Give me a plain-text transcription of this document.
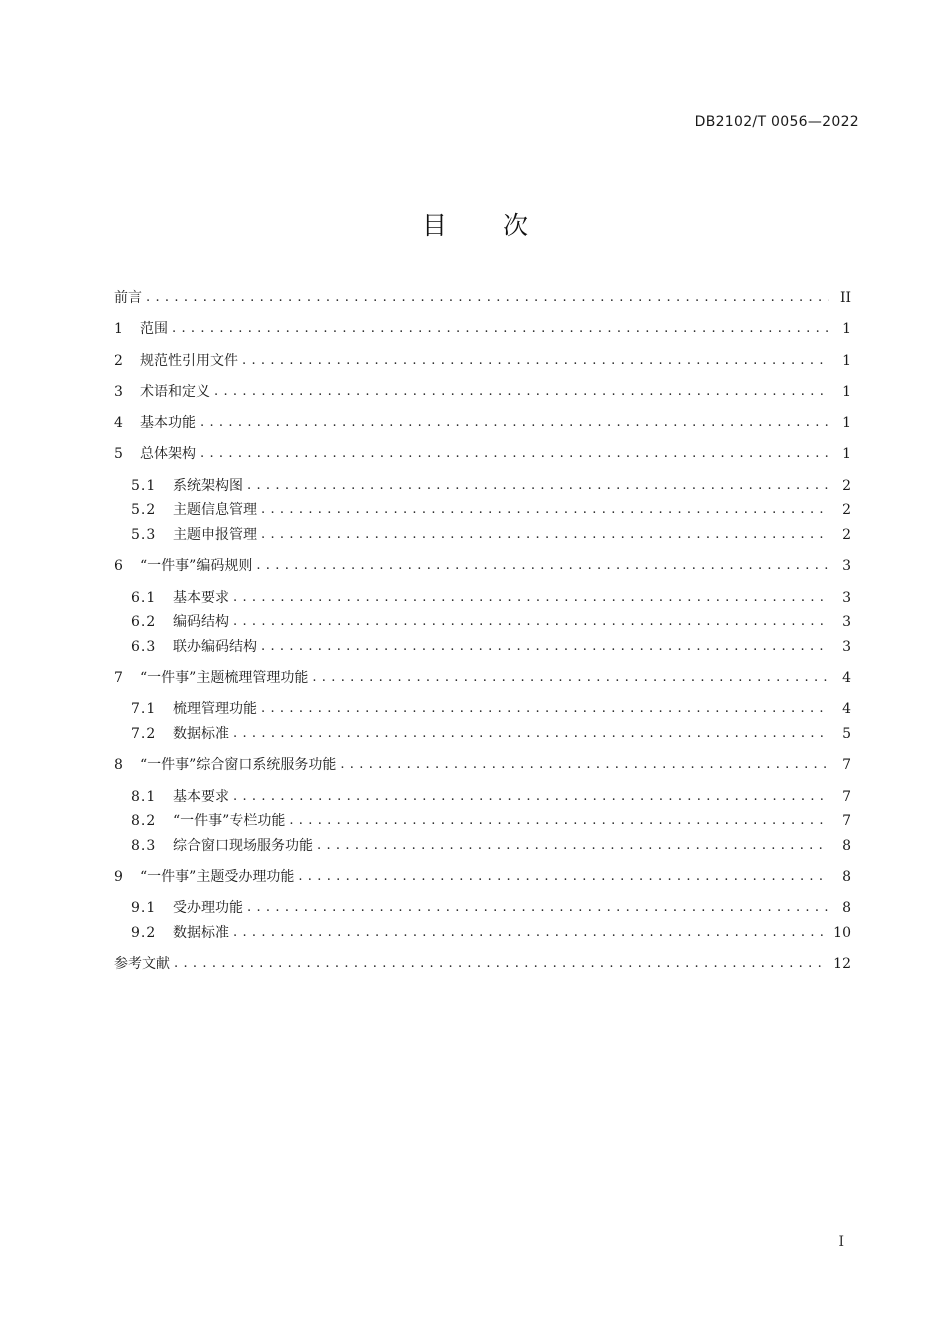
DB2102/T 0056—2022
目 次
前言 . . .	II
1	范围 . . .	1
2	规范性引用文件 . . .	1
3	术语和定义 . . .	1
4	基本功能 . . .	1
5	总体架构 . . .	1
5.1	系统架构图 . . .	2
5.2	主题信息管理 . . .	2
5.3	主题申报管理 . . .	2
6	“一件事”编码规则 . . .	3
6.1	基本要求 . . .	3
6.2	编码结构 . . .	3
6.3	联办编码结构 . . .	3
7	“一件事”主题梳理管理功能 . . .	4
7.1	梳理管理功能 . . .	4
7.2	数据标准 . . .	5
8	“一件事”综合窗口系统服务功能 . . .	7
8.1	基本要求 . . .	7
8.2	“一件事”专栏功能 . . .	7
8.3	综合窗口现场服务功能 . . .	8
9	“一件事”主题受办理功能 . . .	8
9.1	受办理功能 . . .	8
9.2	数据标准 . . .	10
参考文献 . . .	12
I
